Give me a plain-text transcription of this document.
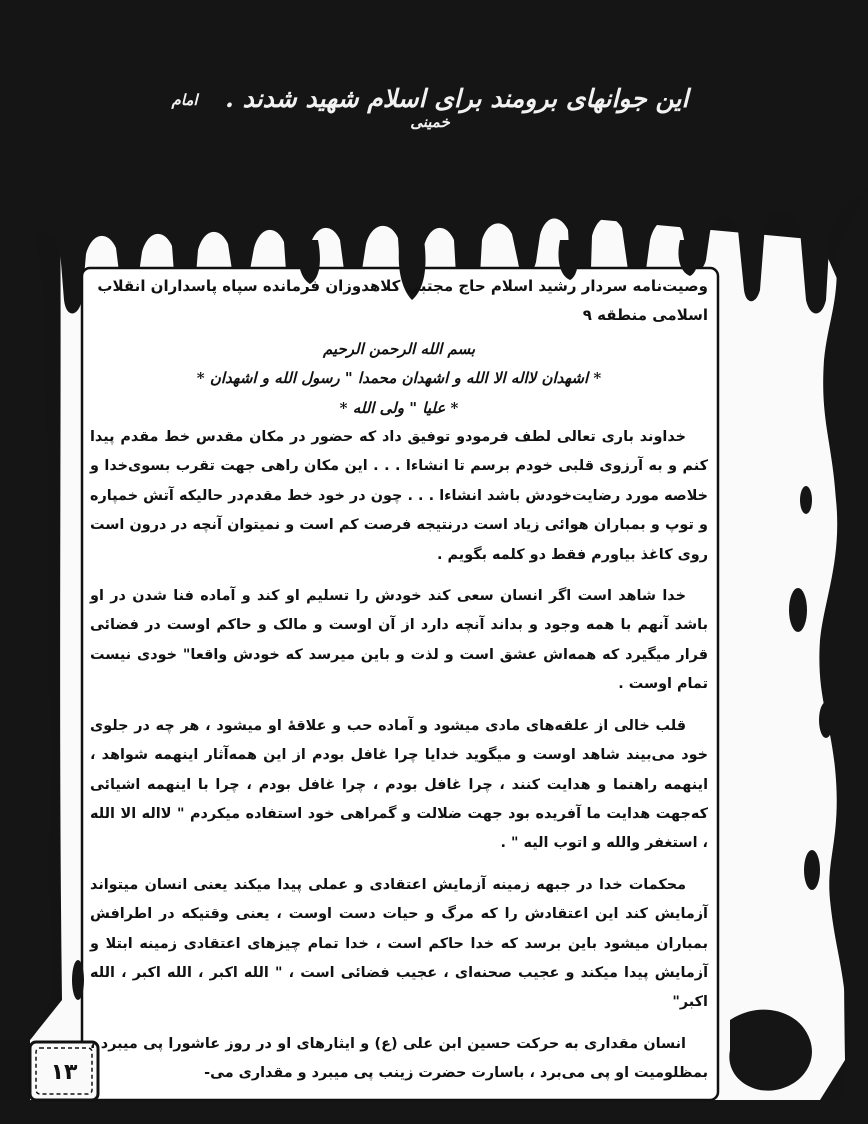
این جوانهای برومند برای اسلام شهید شدند . امام خمینی

وصیت‌نامه سردار رشید اسلام حاج مجتبی کلاهدوز‌ان فرمانده سپاه پاسداران انقلاب

اسلامی منطقه ۹

بسم الله الرحمن الرحیم

* اشهدان لااله الا الله و اشهدان محمدا " رسول الله و اشهدان *

* علیا " ولی الله *

خداوند باری تعالی لطف فرمودو توفیق داد که حضور در مکان مقدس خط مقدم پیدا کنم و به آرزوی قلبی خودم برسم تا انشاءا . . . این مکان راهی جهت تقرب بسوی‌خدا و خلاصه مورد رضایت‌خودش باشد انشاءا . . . چون در خود خط مقدم‌در حالیکه آتش خمپاره و توپ و بمباران هوائی زیاد است درنتیجه فرصت کم است و نمیتوان آنچه در درون است روی کاغذ بیاورم فقط دو کلمه بگویم .

خدا شاهد است اگر انسان سعی کند خودش را تسلیم او کند و آماده فنا شدن در او باشد آنهم با همه وجود و بداند آنچه دارد از آن اوست و مالک و حاکم اوست در فضائی قرار میگیرد که همه‌اش عشق است و لذت و باین میرسد که خودش واقعا" خودی نیست تمام اوست .

قلب خالی از علقه‌های مادی میشود و آماده حب و علاقهٔ او میشود ، هر چه در جلوی خود می‌بیند شاهد اوست و میگوید خدایا چرا غافل بودم از این همه‌آثار اینهمه شواهد ، اینهمه راهنما و هدایت کنند ، چرا غافل بودم ، چرا غافل بودم ، چرا با اینهمه اشیائی که‌جهت هدایت ما آفریده بود جهت ضلالت و گمراهی خود استفاده میکردم " لااله الا الله ، استغفر والله و اتوب الیه " .

محکمات خدا در جبهه زمینه آزمایش اعتقادی و عملی پیدا میکند یعنی انسان میتواند آزمایش کند این اعتقادش را که مرگ و حیات دست اوست ، یعنی وقتیکه در اطرافش بمباران میشود باین برسد که خدا حاکم است ، خدا تمام چیزهای اعتقادی زمینه ابتلا و آزمایش پیدا میکند و عجیب صحنه‌ای ، عجیب فضائی است ، " الله اکبر ، الله اکبر ، الله اکبر"

انسان مقداری به حرکت حسین ابن علی (ع) و ایثارهای او در روز عاشورا پی میبرد ، بمظلومیت او پی می‌برد ، باسارت حضرت زینب پی میبرد و مقداری می-

۱۳
